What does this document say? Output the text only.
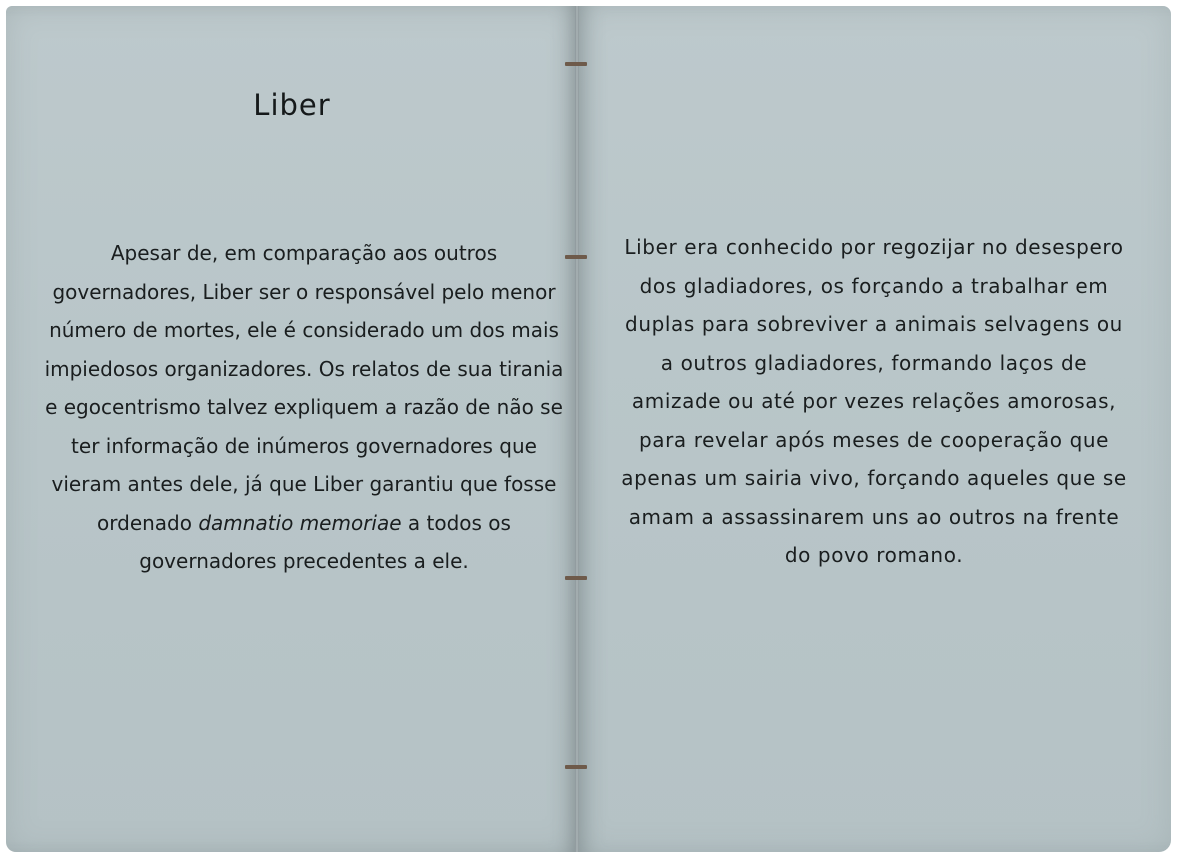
Liber

Apesar de, em comparação aos outros governadores, Liber ser o responsável pelo menor número de mortes, ele é considerado um dos mais impiedosos organizadores. Os relatos de sua tirania e egocentrismo talvez expliquem a razão de não se ter informação de inúmeros governadores que vieram antes dele, já que Liber garantiu que fosse ordenado damnatio memoriae a todos os governadores precedentes a ele.

Liber era conhecido por regozijar no desespero dos gladiadores, os forçando a trabalhar em duplas para sobreviver a animais selvagens ou a outros gladiadores, formando laços de amizade ou até por vezes relações amorosas, para revelar após meses de cooperação que apenas um sairia vivo, forçando aqueles que se amam a assassinarem uns ao outros na frente do povo romano.
